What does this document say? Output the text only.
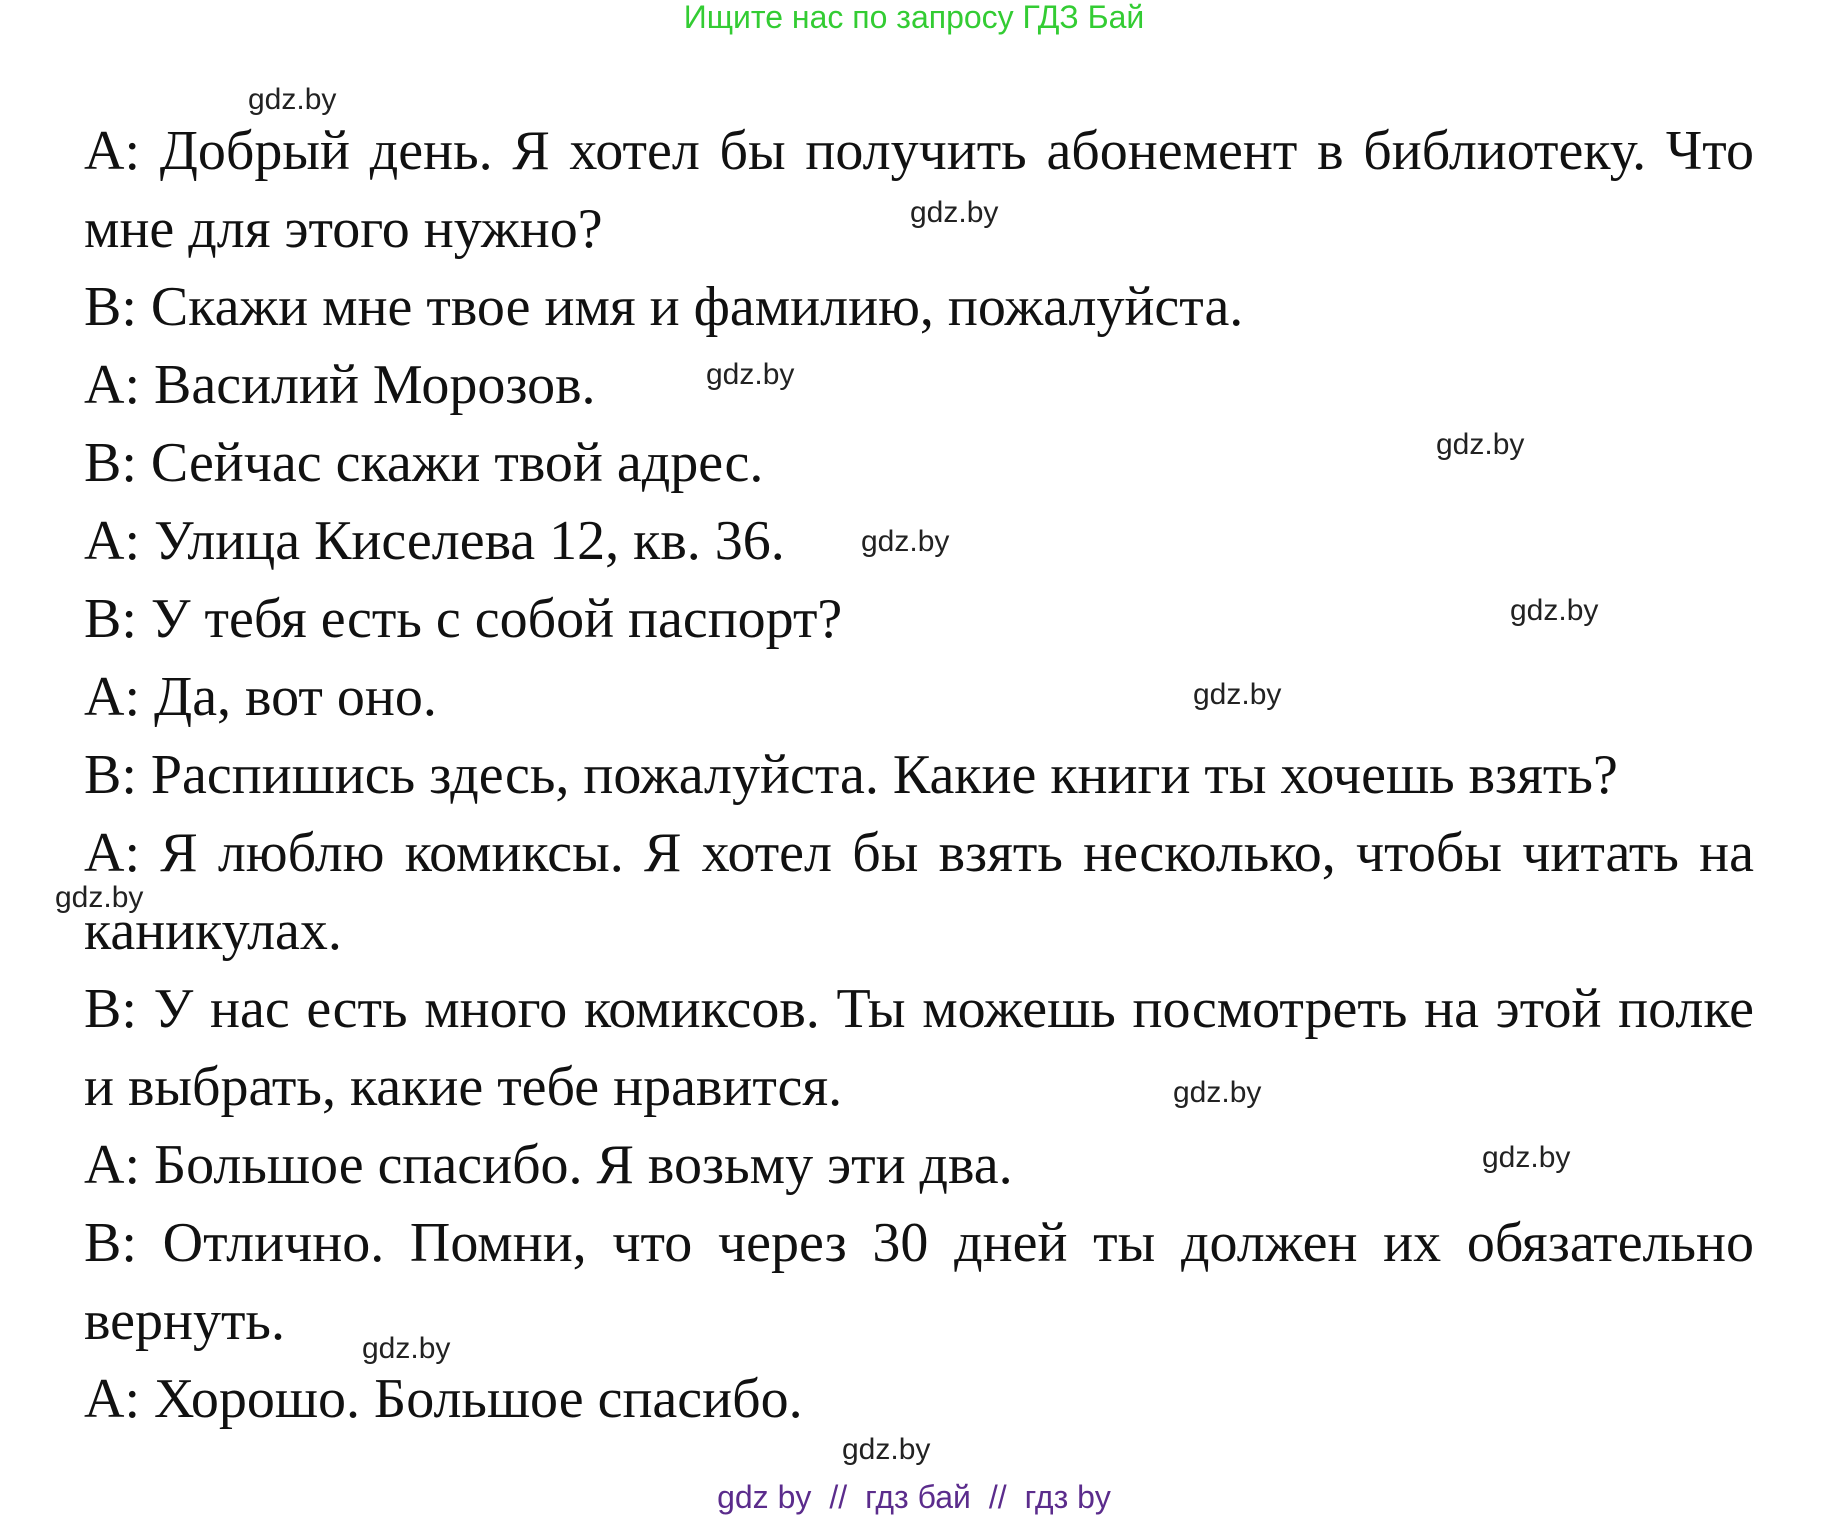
Ищите нас по запросу ГДЗ Бай

A: Добрый день. Я хотел бы получить абонемент в библиотеку. Что мне для этого нужно?

B: Скажи мне твое имя и фамилию, пожалуйста.

A: Василий Морозов.

B: Сейчас скажи твой адрес.

A: Улица Киселева 12, кв. 36.

B: У тебя есть с собой паспорт?

A: Да, вот оно.

B: Распишись здесь, пожалуйста. Какие книги ты хочешь взять?

A: Я люблю комиксы. Я хотел бы взять несколько, чтобы читать на каникулах.

B: У нас есть много комиксов. Ты можешь посмотреть на этой полке и выбрать, какие тебе нравится.

A: Большое спасибо. Я возьму эти два.

B: Отлично. Помни, что через 30 дней ты должен их обязательно вернуть.

A: Хорошо. Большое спасибо.

gdz.by
gdz.by
gdz.by
gdz.by
gdz.by
gdz.by
gdz.by
gdz.by
gdz.by
gdz.by
gdz.by
gdz.by
gdz by // гдз бай // гдз by
